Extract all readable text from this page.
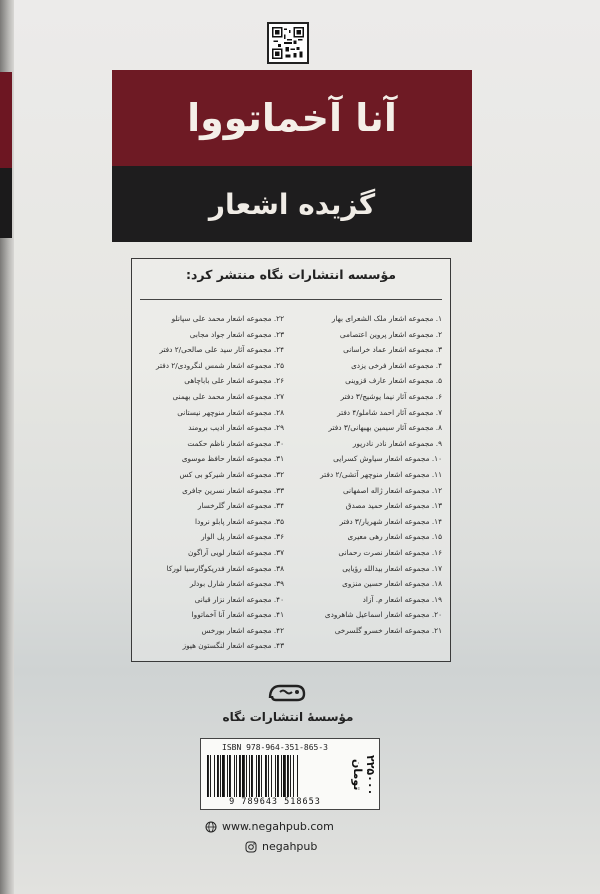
آنا آخماتووا
گزیده اشعار
مؤسسه انتشارات نگاه منتشر کرد:
۱. مجموعه اشعار ملک الشعرای بهار
۲. مجموعه اشعار پروین اعتصامی
۳. مجموعه اشعار عماد خراسانی
۴. مجموعه اشعار فرخی یزدی
۵. مجموعه اشعار عارف قزوینی
۶. مجموعه آثار نیما یوشیج/۳ دفتر
۷. مجموعه آثار احمد شاملو/۴ دفتر
۸. مجموعه آثار سیمین بهبهانی/۳ دفتر
۹. مجموعه اشعار نادر نادرپور
۱۰. مجموعه اشعار سیاوش کسرایی
۱۱. مجموعه اشعار منوچهر آتشی/۲ دفتر
۱۲. مجموعه اشعار ژاله اصفهانی
۱۳. مجموعه اشعار حمید مصدق
۱۴. مجموعه اشعار شهریار/۳ دفتر
۱۵. مجموعه اشعار رهی معیری
۱۶. مجموعه اشعار نصرت رحمانی
۱۷. مجموعه اشعار بیدالله رؤیایی
۱۸. مجموعه اشعار حسین منزوی
۱۹. مجموعه اشعار م. آزاد
۲۰. مجموعه اشعار اسماعیل شاهرودی
۲۱. مجموعه اشعار خسرو گلسرخی
۲۲. مجموعه اشعار محمد علی سپانلو
۲۳. مجموعه اشعار جواد مجابی
۲۴. مجموعه آثار سید علی صالحی/۲ دفتر
۲۵. مجموعه اشعار شمس لنگرودی/۲ دفتر
۲۶. مجموعه اشعار علی باباچاهی
۲۷. مجموعه اشعار محمد علی بهمنی
۲۸. مجموعه اشعار منوچهر نیستانی
۲۹. مجموعه اشعار ادیب برومند
۳۰. مجموعه اشعار ناظم حکمت
۳۱. مجموعه اشعار حافظ موسوی
۳۲. مجموعه اشعار شیرکو بی کس
۳۳. مجموعه اشعار نسرین جافری
۳۴. مجموعه اشعار گلرخسار
۳۵. مجموعه اشعار پابلو نرودا
۳۶. مجموعه اشعار پل الوار
۳۷. مجموعه اشعار لویی آراگون
۳۸. مجموعه اشعار فدریکوگارسیا لورکا
۳۹. مجموعه اشعار شارل بودلر
۴۰. مجموعه اشعار نزار قبانی
۴۱. مجموعه اشعار آنا آخماتووا
۴۲. مجموعه اشعار بورخس
۴۳. مجموعه اشعار لنگستون هیوز
مؤسسهٔ انتشارات نگاه
ISBN 978-964-351-865-3
9 789643 518653
۲۲۵۰۰۰ تومان
www.negahpub.com
negahpub
